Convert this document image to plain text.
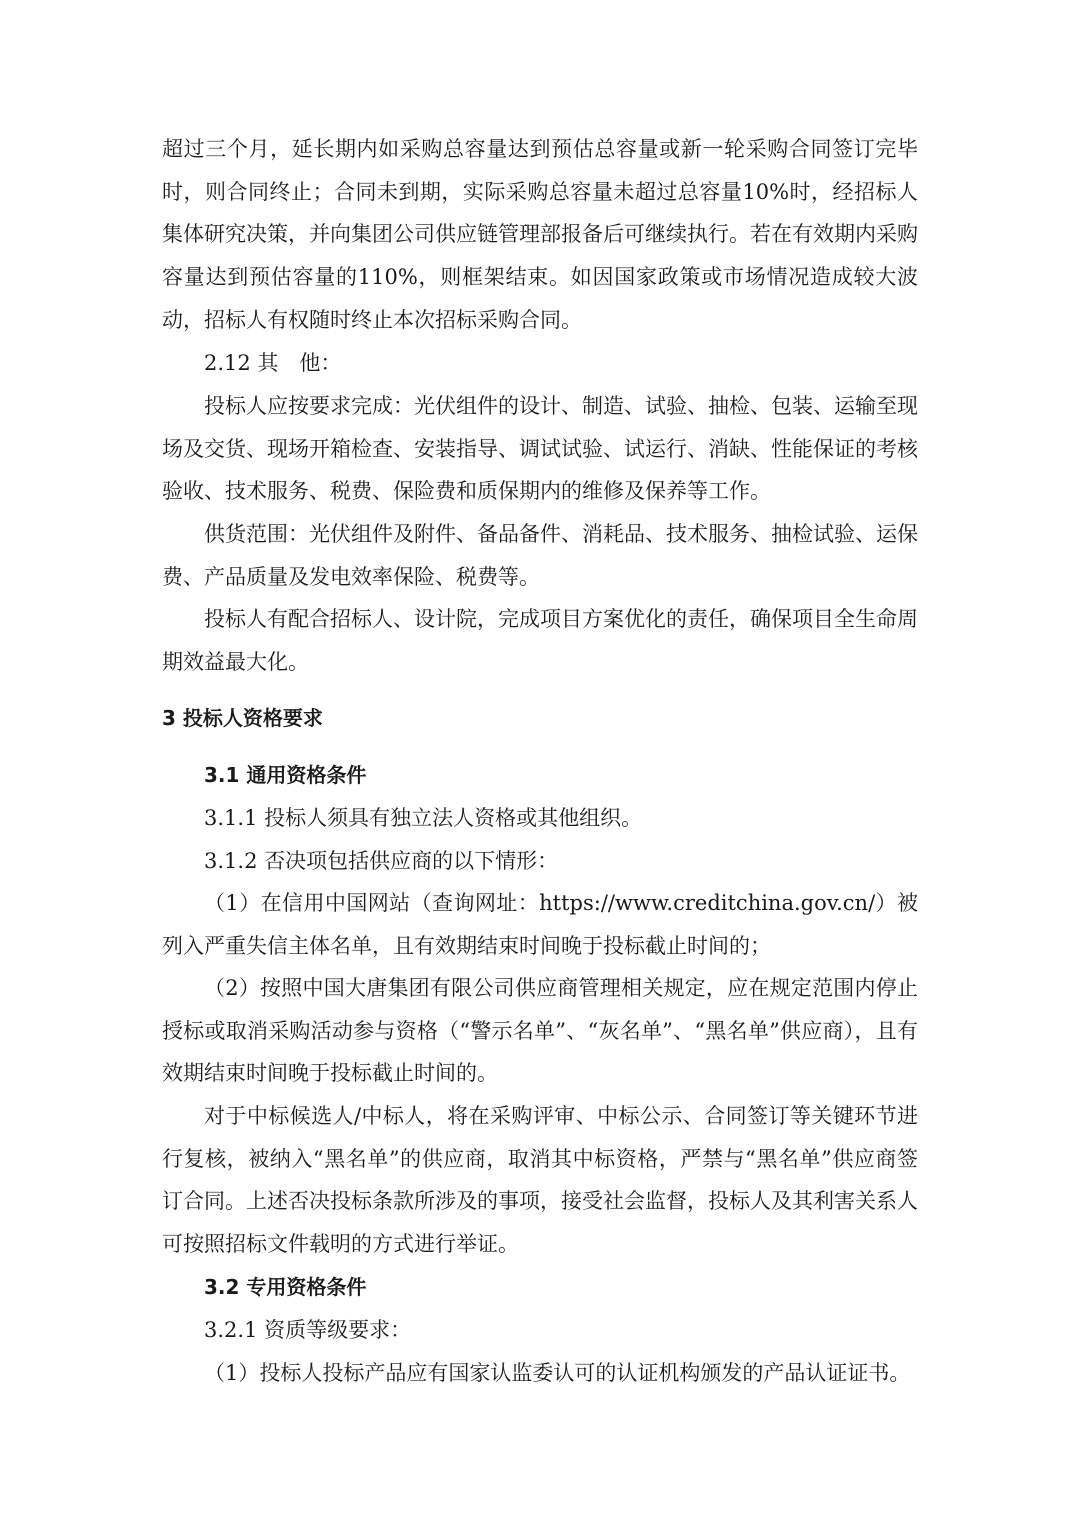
超过三个月，延长期内如采购总容量达到预估总容量或新一轮采购合同签订完毕时，则合同终止；合同未到期，实际采购总容量未超过总容量10%时，经招标人集体研究决策，并向集团公司供应链管理部报备后可继续执行。若在有效期内采购容量达到预估容量的110%，则框架结束。如因国家政策或市场情况造成较大波动，招标人有权随时终止本次招标采购合同。

2.12 其　他：

投标人应按要求完成：光伏组件的设计、制造、试验、抽检、包装、运输至现场及交货、现场开箱检查、安装指导、调试试验、试运行、消缺、性能保证的考核验收、技术服务、税费、保险费和质保期内的维修及保养等工作。

供货范围：光伏组件及附件、备品备件、消耗品、技术服务、抽检试验、运保费、产品质量及发电效率保险、税费等。

投标人有配合招标人、设计院，完成项目方案优化的责任，确保项目全生命周期效益最大化。

3 投标人资格要求

3.1 通用资格条件

3.1.1 投标人须具有独立法人资格或其他组织。

3.1.2 否决项包括供应商的以下情形：

（1）在信用中国网站（查询网址：https://www.creditchina.gov.cn/）被列入严重失信主体名单，且有效期结束时间晚于投标截止时间的；

（2）按照中国大唐集团有限公司供应商管理相关规定，应在规定范围内停止授标或取消采购活动参与资格（“警示名单”、“灰名单”、“黑名单”供应商），且有效期结束时间晚于投标截止时间的。

对于中标候选人/中标人，将在采购评审、中标公示、合同签订等关键环节进行复核，被纳入“黑名单”的供应商，取消其中标资格，严禁与“黑名单”供应商签订合同。上述否决投标条款所涉及的事项，接受社会监督，投标人及其利害关系人可按照招标文件载明的方式进行举证。

3.2 专用资格条件

3.2.1 资质等级要求：

（1）投标人投标产品应有国家认监委认可的认证机构颁发的产品认证证书。
